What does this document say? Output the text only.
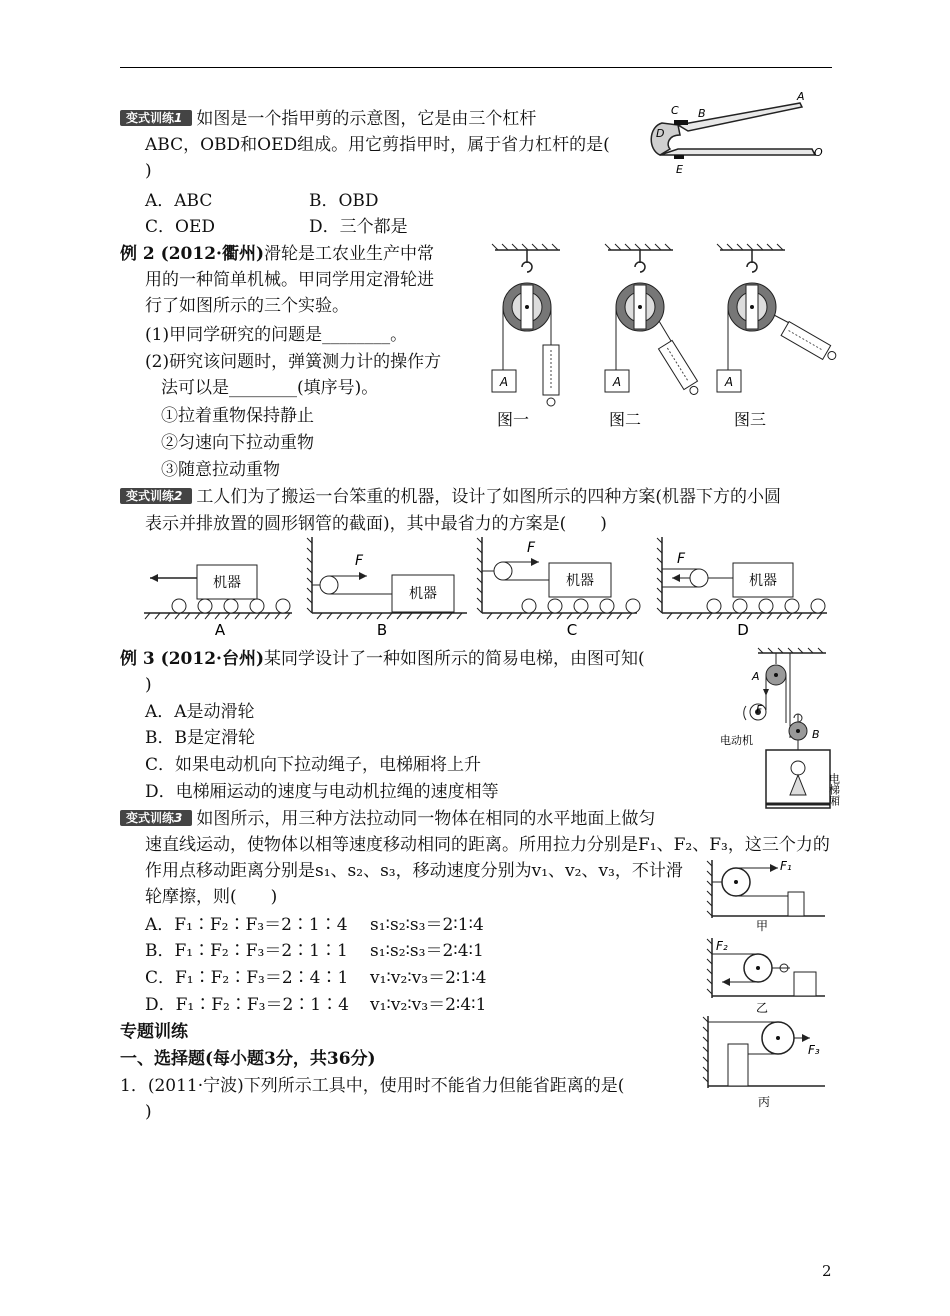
变式训练1 如图是一个指甲剪的示意图，它是由三个杠杆
ABC，OBD和OED组成。用它剪指甲时，属于省力杠杆的是(
)
A．ABC	B．OBD
C．OED	D．三个都是
C B
A
D
E
O
例 2 (2012·衢州)滑轮是工农业生产中常
用的一种简单机械。甲同学用定滑轮进
行了如图所示的三个实验。
(1)甲同学研究的问题是________。
(2)研究该问题时，弹簧测力计的操作方
法可以是________(填序号)。
①拉着重物保持静止
②匀速向下拉动重物
③随意拉动重物
A	A	A
图一	图二	图三
变式训练2 工人们为了搬运一台笨重的机器，设计了如图所示的四种方案(机器下方的小圆
表示并排放置的圆形钢管的截面)，其中最省力的方案是(　　)
机器
A
F
机器
B
F
机器
C
F
机器
D
例 3 (2012·台州)某同学设计了一种如图所示的简易电梯，由图可知(
)
A．A是动滑轮
B．B是定滑轮
C．如果电动机向下拉动绳子，电梯厢将上升
D．电梯厢运动的速度与电动机拉绳的速度相等
A
F
B
电动机
电梯厢
变式训练3 如图所示，用三种方法拉动同一物体在相同的水平地面上做匀
速直线运动，使物体以相等速度移动相同的距离。所用拉力分别是F₁、F₂、F₃，这三个力的
作用点移动距离分别是s₁、s₂、s₃，移动速度分别为v₁、v₂、v₃，不计滑
轮摩擦，则(　　)
A．F₁∶F₂∶F₃＝2∶1∶4 s₁∶s₂∶s₃＝2∶1∶4
B．F₁∶F₂∶F₃＝2∶1∶1 s₁∶s₂∶s₃＝2∶4∶1
C．F₁∶F₂∶F₃＝2∶4∶1 v₁∶v₂∶v₃＝2∶1∶4
D．F₁∶F₂∶F₃＝2∶1∶4 v₁∶v₂∶v₃＝2∶4∶1
F₁
甲
F₂
乙
F₃
丙
专题训练
一、选择题(每小题3分，共36分)
1．(2011·宁波)下列所示工具中，使用时不能省力但能省距离的是(
)
2
